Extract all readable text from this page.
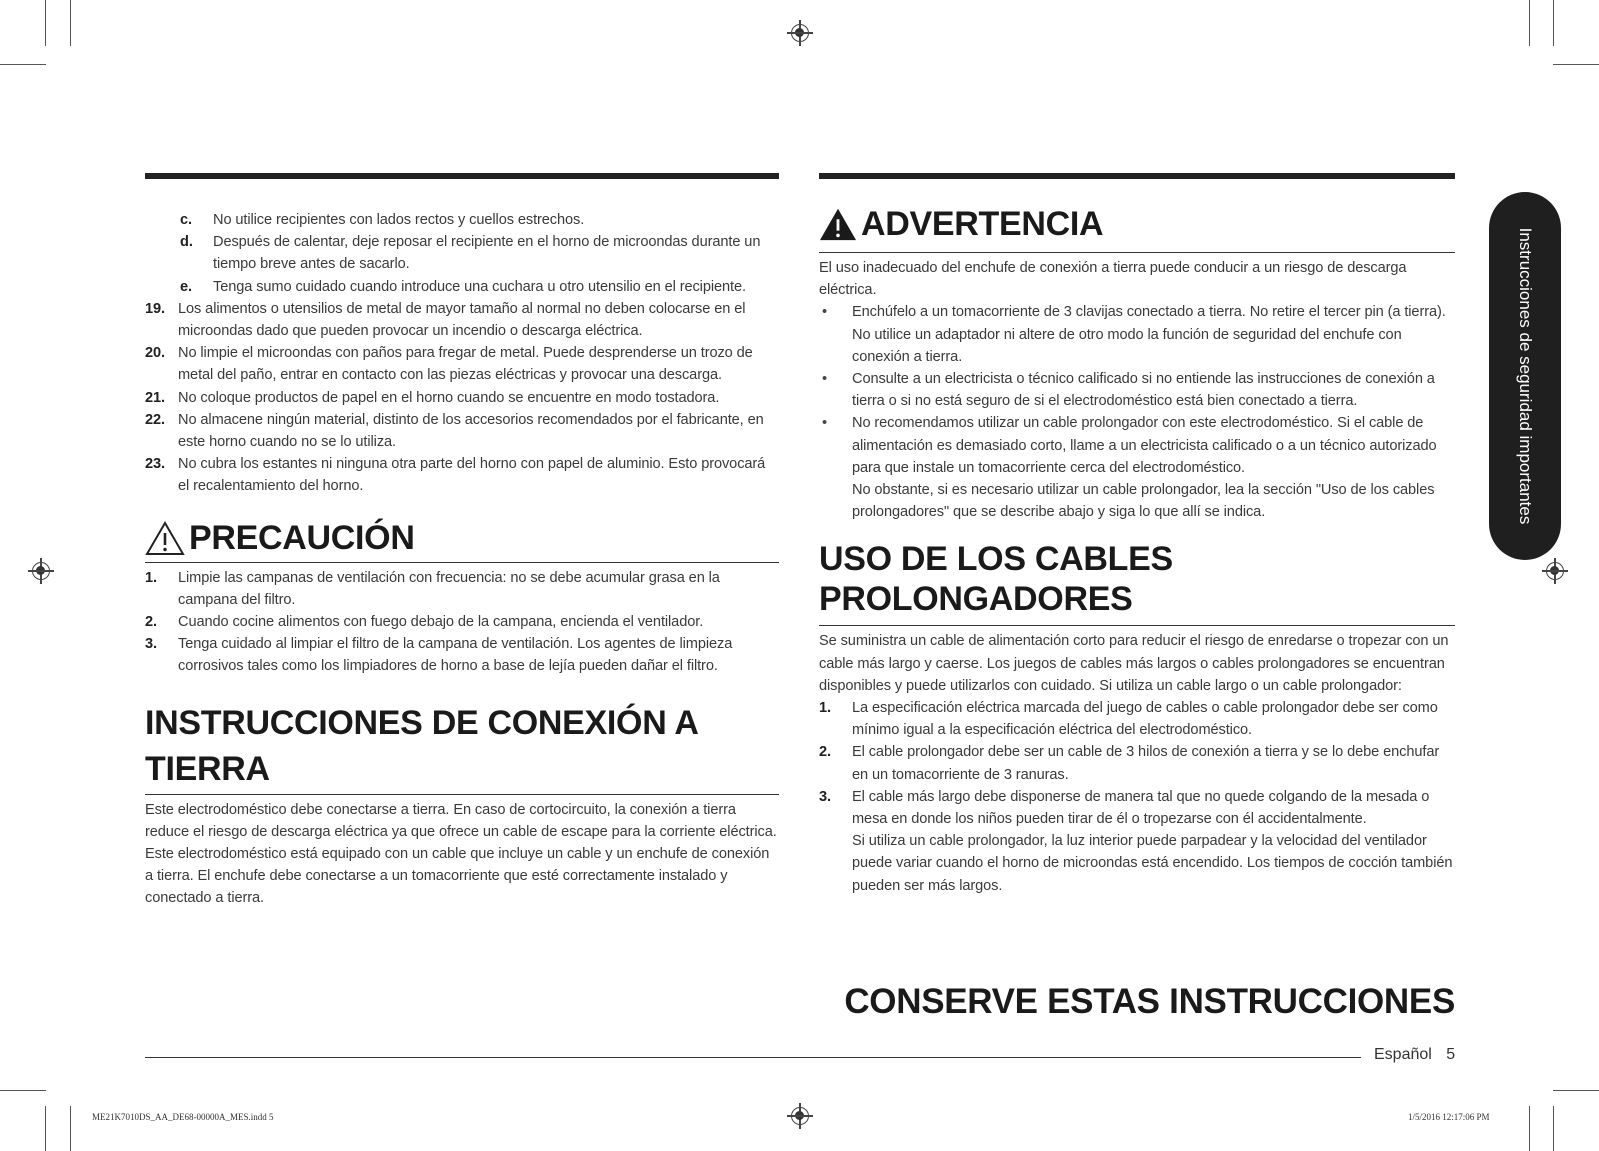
c. No utilice recipientes con lados rectos y cuellos estrechos.
d. Después de calentar, deje reposar el recipiente en el horno de microondas durante un tiempo breve antes de sacarlo.
e. Tenga sumo cuidado cuando introduce una cuchara u otro utensilio en el recipiente.
19. Los alimentos o utensilios de metal de mayor tamaño al normal no deben colocarse en el microondas dado que pueden provocar un incendio o descarga eléctrica.
20. No limpie el microondas con paños para fregar de metal. Puede desprenderse un trozo de metal del paño, entrar en contacto con las piezas eléctricas y provocar una descarga.
21. No coloque productos de papel en el horno cuando se encuentre en modo tostadora.
22. No almacene ningún material, distinto de los accesorios recomendados por el fabricante, en este horno cuando no se lo utiliza.
23. No cubra los estantes ni ninguna otra parte del horno con papel de aluminio. Esto provocará el recalentamiento del horno.
PRECAUCIÓN
1. Limpie las campanas de ventilación con frecuencia: no se debe acumular grasa en la campana del filtro.
2. Cuando cocine alimentos con fuego debajo de la campana, encienda el ventilador.
3. Tenga cuidado al limpiar el filtro de la campana de ventilación. Los agentes de limpieza corrosivos tales como los limpiadores de horno a base de lejía pueden dañar el filtro.
INSTRUCCIONES DE CONEXIÓN A
TIERRA

Este electrodoméstico debe conectarse a tierra. En caso de cortocircuito, la conexión a tierra reduce el riesgo de descarga eléctrica ya que ofrece un cable de escape para la corriente eléctrica. Este electrodoméstico está equipado con un cable que incluye un cable y un enchufe de conexión a tierra. El enchufe debe conectarse a un tomacorriente que esté correctamente instalado y conectado a tierra.

ADVERTENCIA

El uso inadecuado del enchufe de conexión a tierra puede conducir a un riesgo de descarga eléctrica.

• Enchúfelo a un tomacorriente de 3 clavijas conectado a tierra. No retire el tercer pin (a tierra). No utilice un adaptador ni altere de otro modo la función de seguridad del enchufe con conexión a tierra.
• Consulte a un electricista o técnico calificado si no entiende las instrucciones de conexión a tierra o si no está seguro de si el electrodoméstico está bien conectado a tierra.
• No recomendamos utilizar un cable prolongador con este electrodoméstico. Si el cable de alimentación es demasiado corto, llame a un electricista calificado o a un técnico autorizado para que instale un tomacorriente cerca del electrodoméstico.
No obstante, si es necesario utilizar un cable prolongador, lea la sección "Uso de los cables prolongadores" que se describe abajo y siga lo que allí se indica.
USO DE LOS CABLES PROLONGADORES

Se suministra un cable de alimentación corto para reducir el riesgo de enredarse o tropezar con un cable más largo y caerse. Los juegos de cables más largos o cables prolongadores se encuentran disponibles y puede utilizarlos con cuidado. Si utiliza un cable largo o un cable prolongador:

1. La especificación eléctrica marcada del juego de cables o cable prolongador debe ser como mínimo igual a la especificación eléctrica del electrodoméstico.
2. El cable prolongador debe ser un cable de 3 hilos de conexión a tierra y se lo debe enchufar en un tomacorriente de 3 ranuras.
3. El cable más largo debe disponerse de manera tal que no quede colgando de la mesada o mesa en donde los niños pueden tirar de él o tropezarse con él accidentalmente.
Si utiliza un cable prolongador, la luz interior puede parpadear y la velocidad del ventilador puede variar cuando el horno de microondas está encendido. Los tiempos de cocción también pueden ser más largos.
CONSERVE ESTAS INSTRUCCIONES
Instrucciones de seguridad importantes
Español 5
ME21K7010DS_AA_DE68-00000A_MES.indd 5	1/5/2016 12:17:06 PM
